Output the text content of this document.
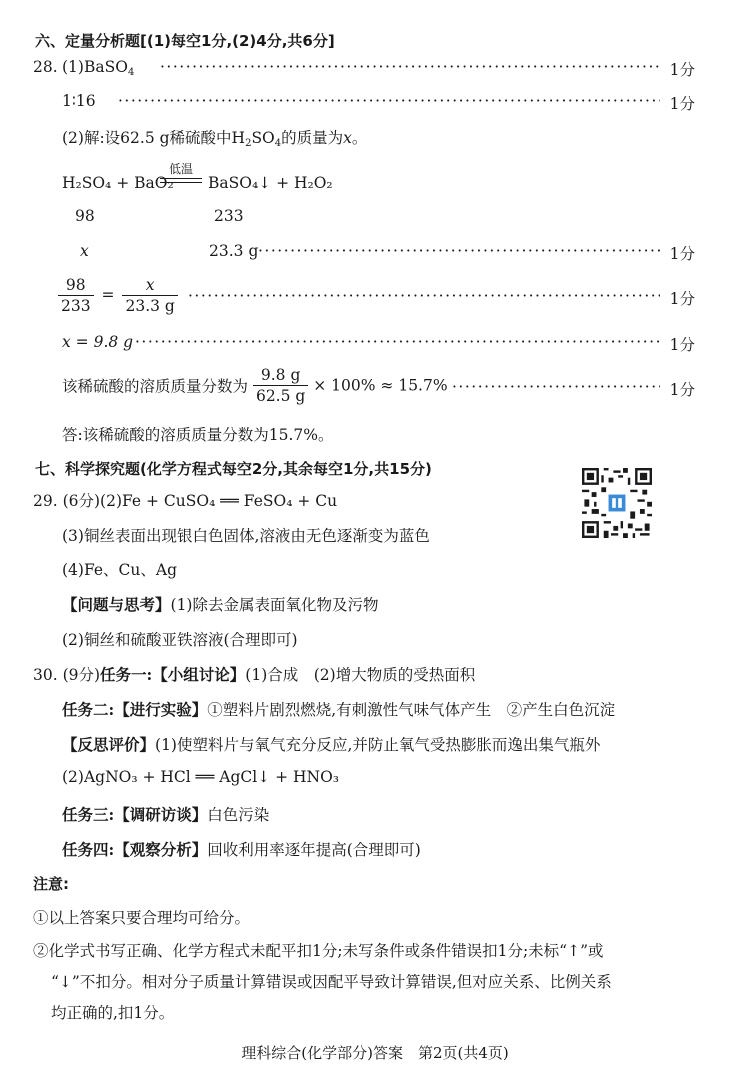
六、定量分析题[(1)每空1分,(2)4分,共6分]
28. (1)BaSO$_4$ ·····	1分
1∶16 ·····	1分
(2)解:设62.5 g稀硫酸中$H_2SO_4$的质量为x。
H₂SO₄ + BaO₂
低温
BaSO₄↓ + H₂O₂
98	233
x	23.3 g ·····	1分
$\frac{98}{233} = \frac{x}{23.3 g}$ ·····	1分
x = 9.8 g ·····	1分
该稀硫酸的溶质质量分数为 $\frac{9.8 g}{62.5 g} \times 100\% \approx 15.7\%$ ·····	1分
答:该稀硫酸的溶质质量分数为15.7%。
七、科学探究题(化学方程式每空2分,其余每空1分,共15分)
29. (6分)(2)Fe + CuSO₄ ══ FeSO₄ + Cu
(3)铜丝表面出现银白色固体,溶液由无色逐渐变为蓝色
(4)Fe、Cu、Ag
【问题与思考】(1)除去金属表面氧化物及污物
(2)铜丝和硫酸亚铁溶液(合理即可)
30. (9分)任务一:【小组讨论】(1)合成　(2)增大物质的受热面积
任务二:【进行实验】①塑料片剧烈燃烧,有刺激性气味气体产生　②产生白色沉淀
【反思评价】(1)使塑料片与氧气充分反应,并防止氧气受热膨胀而逸出集气瓶外
(2)AgNO₃ + HCl ══ AgCl↓ + HNO₃
任务三:【调研访谈】白色污染
任务四:【观察分析】回收利用率逐年提高(合理即可)
注意:
①以上答案只要合理均可给分。
②化学式书写正确、化学方程式未配平扣1分;未写条件或条件错误扣1分;未标“↑”或
“↓”不扣分。相对分子质量计算错误或因配平导致计算错误,但对应关系、比例关系
均正确的,扣1分。
理科综合(化学部分)答案　第2页(共4页)
